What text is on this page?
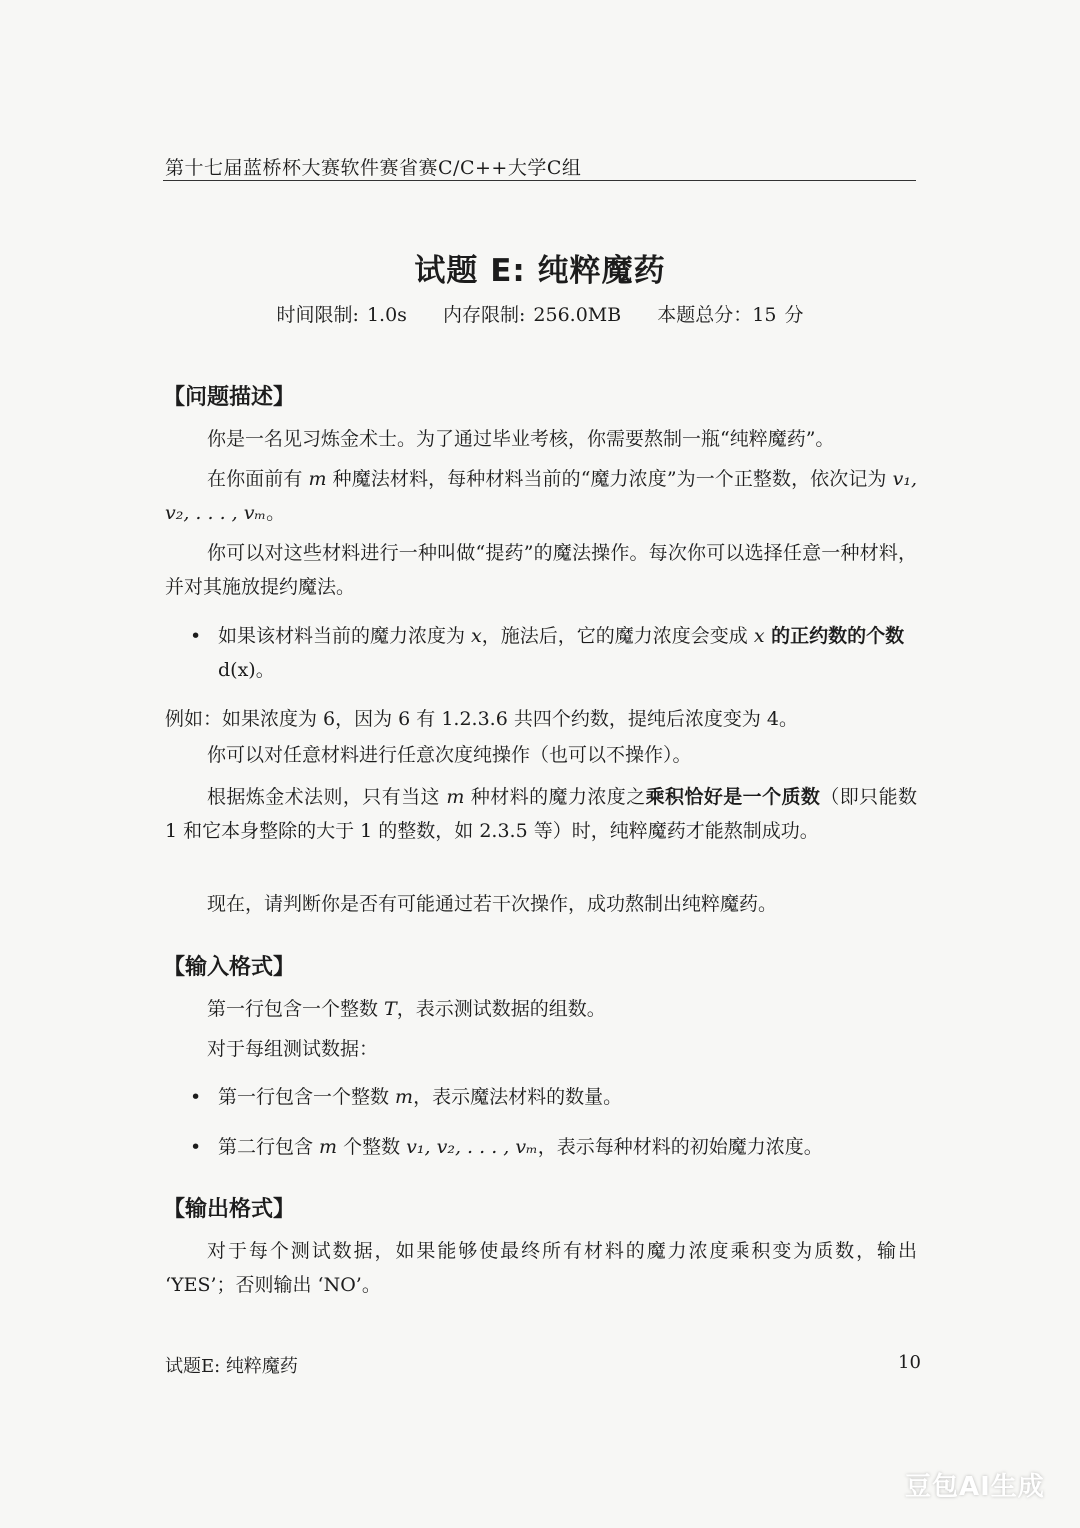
第十七届蓝桥杯大赛软件赛省赛C/C++大学C组
试题 E: 纯粹魔药
时间限制: 1.0s 内存限制: 256.0MB 本题总分：15 分
【问题描述】
你是一名见习炼金术士。为了通过毕业考核，你需要熬制一瓶“纯粹魔药”。
在你面前有 m 种魔法材料，每种材料当前的“魔力浓度”为一个正整数，依次记为 v₁, v₂, . . . , vₘ。
你可以对这些材料进行一种叫做“提药”的魔法操作。每次你可以选择任意一种材料，并对其施放提约魔法。
• 如果该材料当前的魔力浓度为 x，施法后，它的魔力浓度会变成 x 的正约数的个数 d(x)。
例如：如果浓度为 6，因为 6 有 1.2.3.6 共四个约数，提纯后浓度变为 4。
你可以对任意材料进行任意次度纯操作（也可以不操作）。
根据炼金术法则，只有当这 m 种材料的魔力浓度之乘积恰好是一个质数（即只能数 1 和它本身整除的大于 1 的整数，如 2.3.5 等）时，纯粹魔药才能熬制成功。
现在，请判断你是否有可能通过若干次操作，成功熬制出纯粹魔药。
【输入格式】
第一行包含一个整数 T，表示测试数据的组数。
对于每组测试数据：
• 第一行包含一个整数 m，表示魔法材料的数量。
• 第二行包含 m 个整数 v₁, v₂, . . . , vₘ，表示每种材料的初始魔力浓度。
【输出格式】
对于每个测试数据，如果能够使最终所有材料的魔力浓度乘积变为质数，输出 ‘YES’；否则输出 ‘NO’。
试题E: 纯粹魔药	10
豆包AI生成
